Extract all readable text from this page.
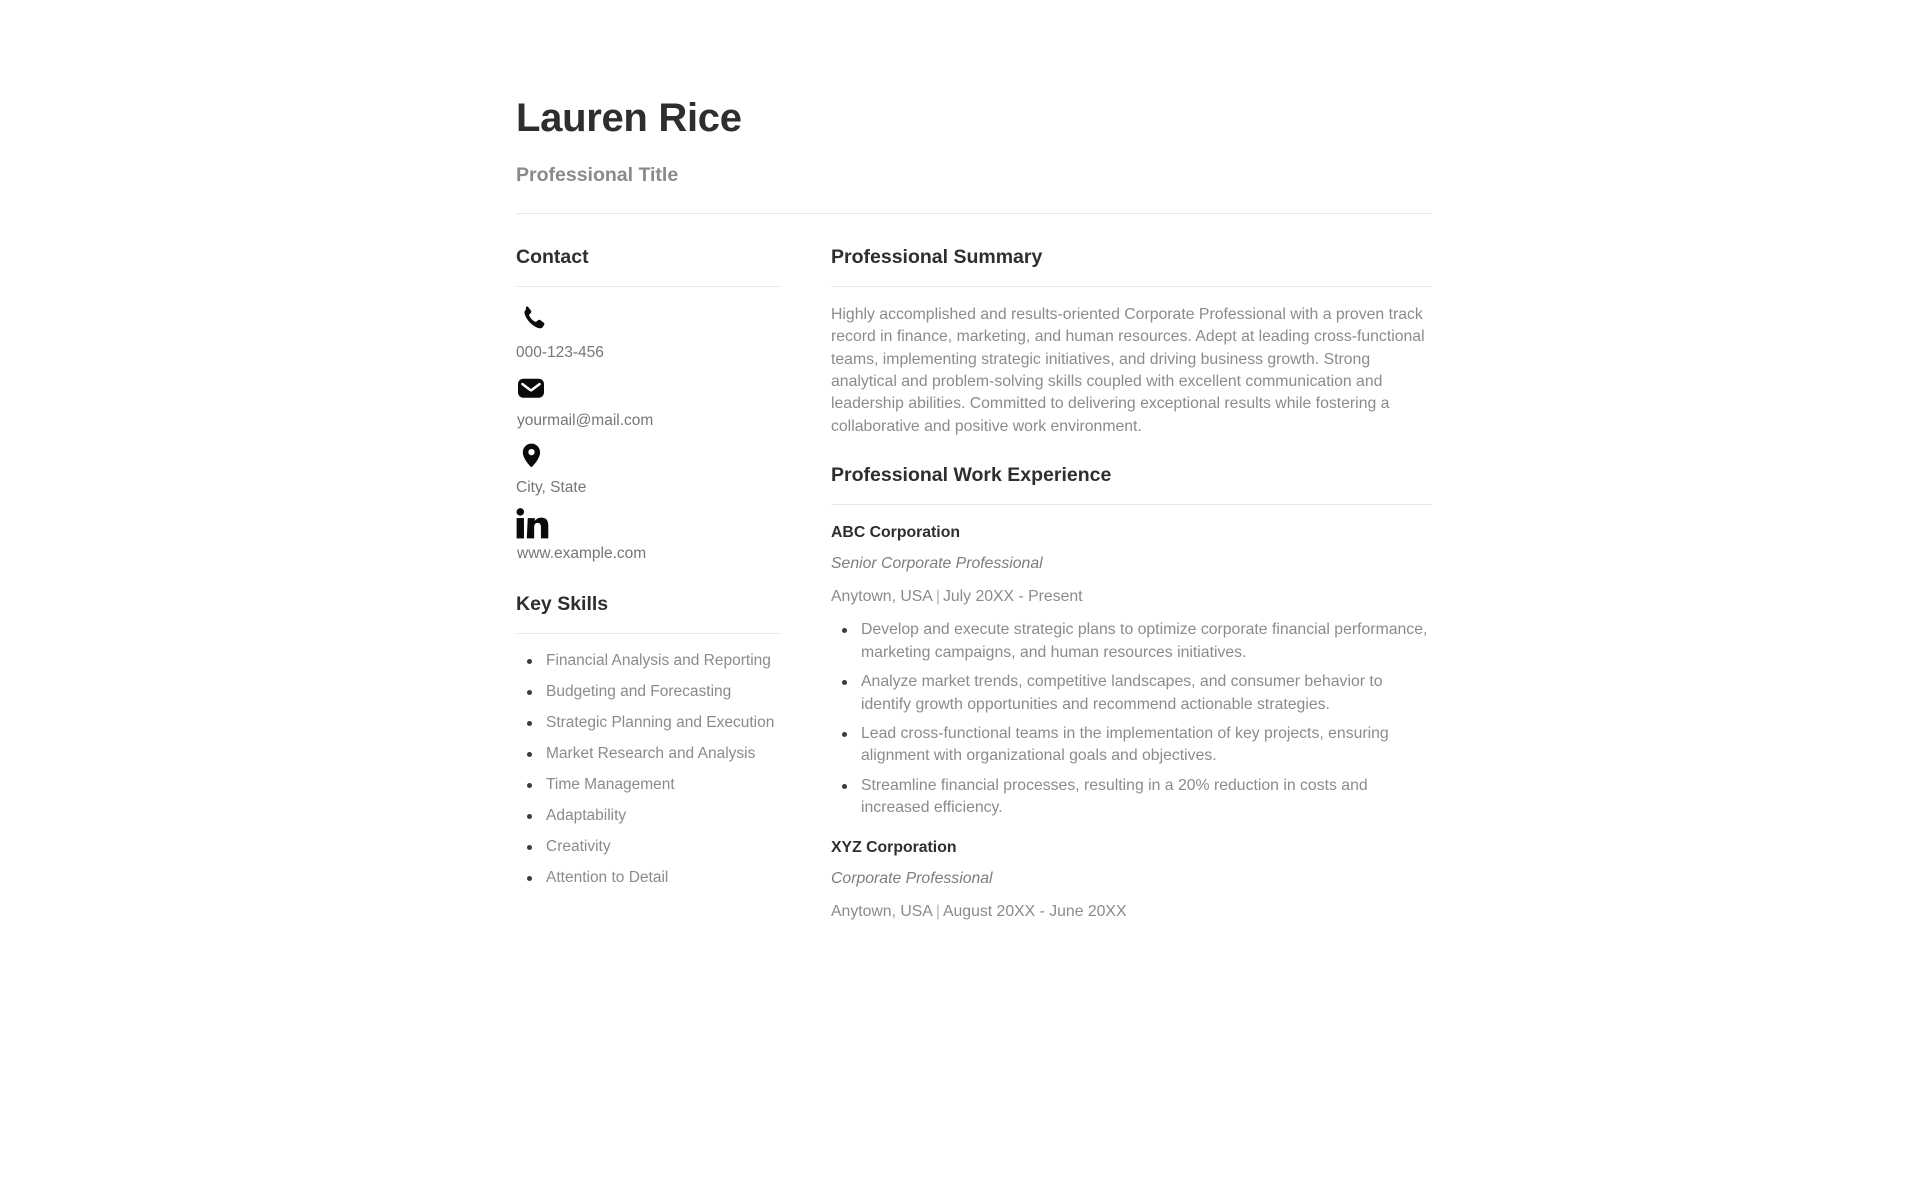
Lauren Rice
Professional Title
Contact
000-123-456
yourmail@mail.com
City, State
www.example.com
Key Skills
Financial Analysis and Reporting
Budgeting and Forecasting
Strategic Planning and Execution
Market Research and Analysis
Time Management
Adaptability
Creativity
Attention to Detail
Professional Summary

Highly accomplished and results-oriented Corporate Professional with a proven track record in finance, marketing, and human resources. Adept at leading cross-functional teams, implementing strategic initiatives, and driving business growth. Strong analytical and problem-solving skills coupled with excellent communication and leadership abilities. Committed to delivering exceptional results while fostering a collaborative and positive work environment.

Professional Work Experience
ABC Corporation
Senior Corporate Professional
Anytown, USA | July 20XX - Present
Develop and execute strategic plans to optimize corporate financial performance, marketing campaigns, and human resources initiatives.
Analyze market trends, competitive landscapes, and consumer behavior to identify growth opportunities and recommend actionable strategies.
Lead cross-functional teams in the implementation of key projects, ensuring alignment with organizational goals and objectives.
Streamline financial processes, resulting in a 20% reduction in costs and increased efficiency.
XYZ Corporation
Corporate Professional
Anytown, USA | August 20XX - June 20XX
